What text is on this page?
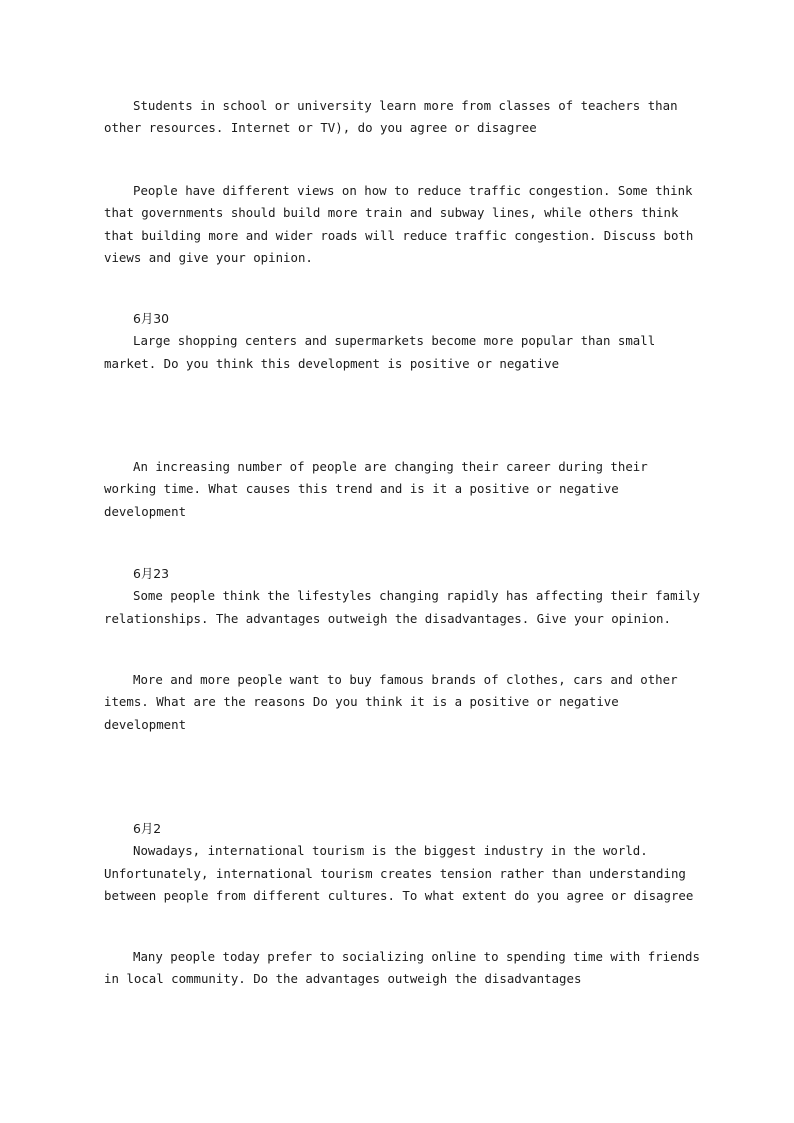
Students in school or university learn more from classes of teachers than
other resources. Internet or TV), do you agree or disagree
People have different views on how to reduce traffic congestion. Some think
that governments should build more train and subway lines, while others think
that building more and wider roads will reduce traffic congestion. Discuss both
views and give your opinion.
6月30
Large shopping centers and supermarkets become more popular than small
market. Do you think this development is positive or negative
An increasing number of people are changing their career during their
working time. What causes this trend and is it a positive or negative
development
6月23
Some people think the lifestyles changing rapidly has affecting their family
relationships. The advantages outweigh the disadvantages. Give your opinion.
More and more people want to buy famous brands of clothes, cars and other
items. What are the reasons Do you think it is a positive or negative
development
6月2
Nowadays, international tourism is the biggest industry in the world.
Unfortunately, international tourism creates tension rather than understanding
between people from different cultures. To what extent do you agree or disagree
Many people today prefer to socializing online to spending time with friends
in local community. Do the advantages outweigh the disadvantages
